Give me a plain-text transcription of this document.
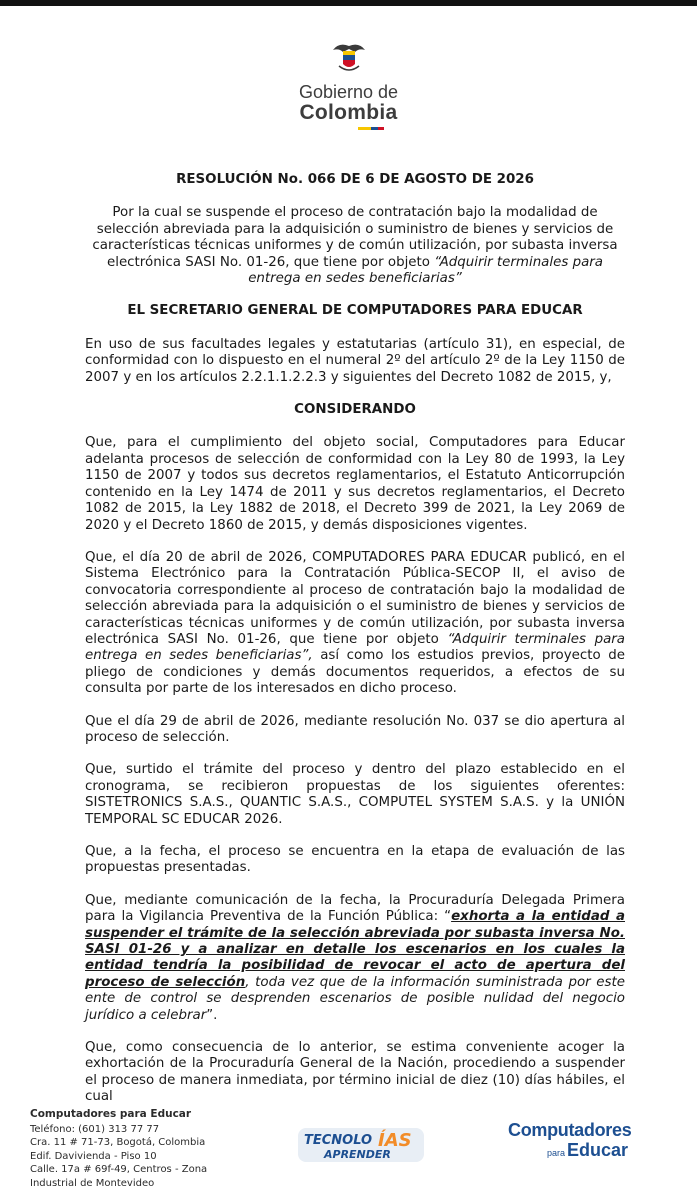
Gobierno de
Colombia
RESOLUCIÓN No. 066 DE 6 DE AGOSTO DE 2026
Por la cual se suspende el proceso de contratación bajo la modalidad de selección abreviada para la adquisición o suministro de bienes y servicios de características técnicas uniformes y de común utilización, por subasta inversa electrónica SASI No. 01-26, que tiene por objeto “Adquirir terminales para entrega en sedes beneficiarias”
EL SECRETARIO GENERAL DE COMPUTADORES PARA EDUCAR
En uso de sus facultades legales y estatutarias (artículo 31), en especial, de conformidad con lo dispuesto en el numeral 2º del artículo 2º de la Ley 1150 de 2007 y en los artículos 2.2.1.1.2.2.3 y siguientes del Decreto 1082 de 2015, y,
CONSIDERANDO
Que, para el cumplimiento del objeto social, Computadores para Educar adelanta procesos de selección de conformidad con la Ley 80 de 1993, la Ley 1150 de 2007 y todos sus decretos reglamentarios, el Estatuto Anticorrupción contenido en la Ley 1474 de 2011 y sus decretos reglamentarios, el Decreto 1082 de 2015, la Ley 1882 de 2018, el Decreto 399 de 2021, la Ley 2069 de 2020 y el Decreto 1860 de 2015, y demás disposiciones vigentes.
Que, el día 20 de abril de 2026, COMPUTADORES PARA EDUCAR publicó, en el Sistema Electrónico para la Contratación Pública-SECOP II, el aviso de convocatoria correspondiente al proceso de contratación bajo la modalidad de selección abreviada para la adquisición o el suministro de bienes y servicios de características técnicas uniformes y de común utilización, por subasta inversa electrónica SASI No. 01-26, que tiene por objeto “Adquirir terminales para entrega en sedes beneficiarias”, así como los estudios previos, proyecto de pliego de condiciones y demás documentos requeridos, a efectos de su consulta por parte de los interesados en dicho proceso.
Que el día 29 de abril de 2026, mediante resolución No. 037 se dio apertura al proceso de selección.
Que, surtido el trámite del proceso y dentro del plazo establecido en el cronograma, se recibieron propuestas de los siguientes oferentes: SISTETRONICS S.A.S., QUANTIC S.A.S., COMPUTEL SYSTEM S.A.S. y la UNIÓN TEMPORAL SC EDUCAR 2026.
Que, a la fecha, el proceso se encuentra en la etapa de evaluación de las propuestas presentadas.
Que, mediante comunicación de la fecha, la Procuraduría Delegada Primera para la Vigilancia Preventiva de la Función Pública: “exhorta a la entidad a suspender el trámite de la selección abreviada por subasta inversa No. SASI 01-26 y a analizar en detalle los escenarios en los cuales la entidad tendría la posibilidad de revocar el acto de apertura del proceso de selección, toda vez que de la información suministrada por este ente de control se desprenden escenarios de posible nulidad del negocio jurídico a celebrar”.
Que, como consecuencia de lo anterior, se estima conveniente acoger la exhortación de la Procuraduría General de la Nación, procediendo a suspender el proceso de manera inmediata, por término inicial de diez (10) días hábiles, el cual
Computadores para Educar
Teléfono: (601) 313 77 77
Cra. 11 # 71-73, Bogotá, Colombia
Edif. Davivienda - Piso 10
Calle. 17a # 69f-49, Centros - Zona
Industrial de Montevideo
TECNOLO ÍAS
APRENDER
Computadores
para Educar
